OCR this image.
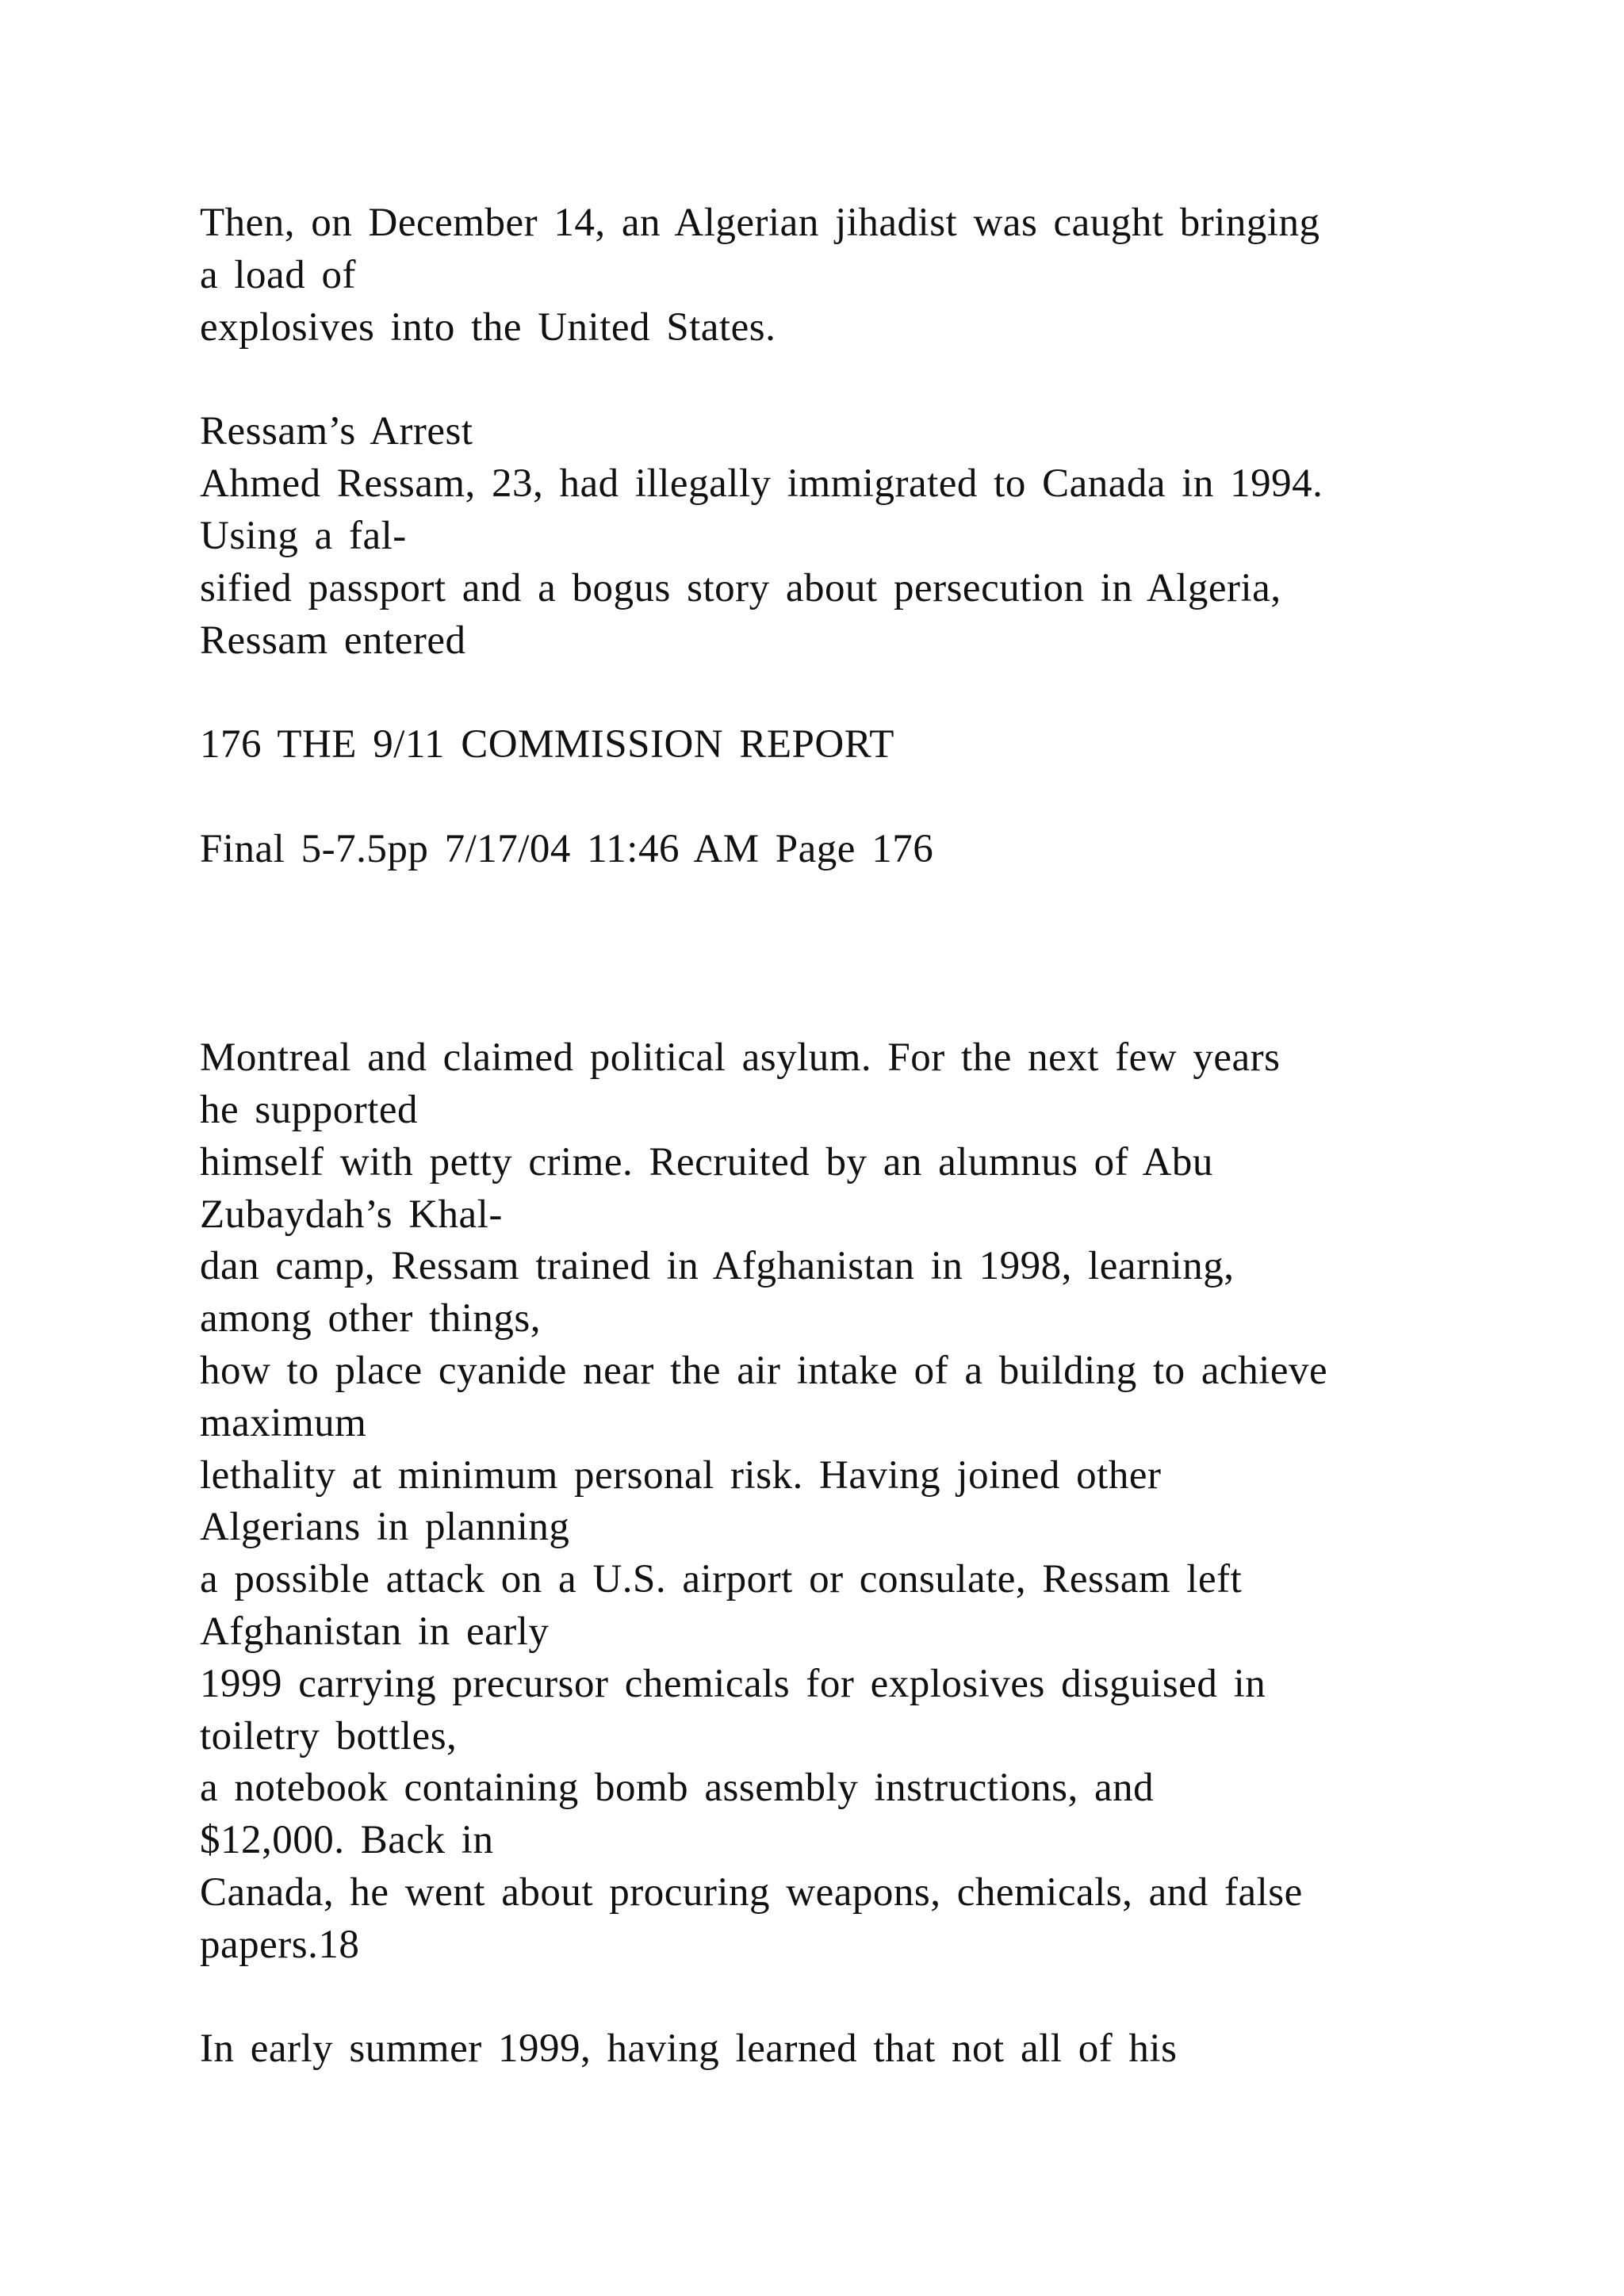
Then, on December 14, an Algerian jihadist was caught bringing

a load of

explosives into the United States.

Ressam’s Arrest

Ahmed Ressam, 23, had illegally immigrated to Canada in 1994.

Using a fal-

sified passport and a bogus story about persecution in Algeria,

Ressam entered

176 THE 9/11 COMMISSION REPORT

Final 5-7.5pp 7/17/04 11:46 AM Page 176

Montreal and claimed political asylum. For the next few years

he supported

himself with petty crime. Recruited by an alumnus of Abu

Zubaydah’s Khal-

dan camp, Ressam trained in Afghanistan in 1998, learning,

among other things,

how to place cyanide near the air intake of a building to achieve

maximum

lethality at minimum personal risk. Having joined other

Algerians in planning

a possible attack on a U.S. airport or consulate, Ressam left

Afghanistan in early

1999 carrying precursor chemicals for explosives disguised in

toiletry bottles,

a notebook containing bomb assembly instructions, and

$12,000. Back in

Canada, he went about procuring weapons, chemicals, and false

papers.18

In early summer 1999, having learned that not all of his
